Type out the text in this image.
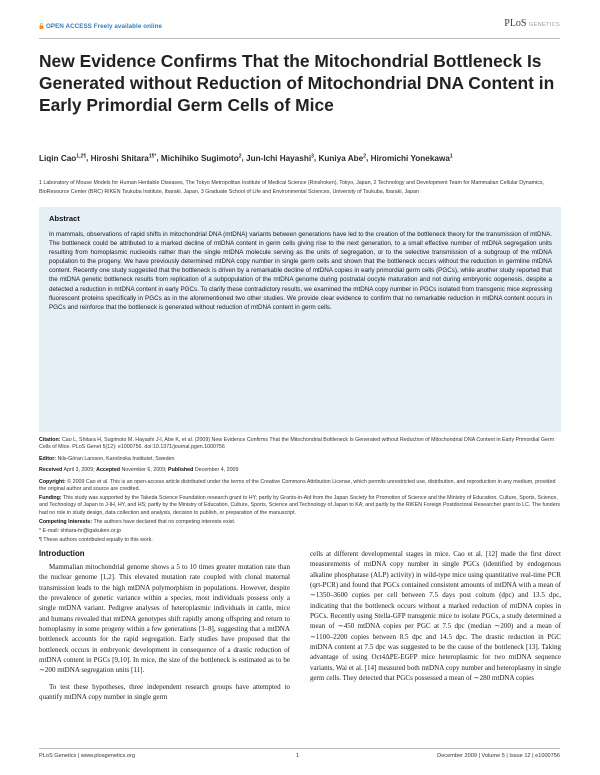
OPEN ACCESS Freely available online	PLoS GENETICS
New Evidence Confirms That the Mitochondrial Bottleneck Is Generated without Reduction of Mitochondrial DNA Content in Early Primordial Germ Cells of Mice
Liqin Cao$^{1,2\P}$, Hiroshi Shitara$^{1\P*}$, Michihiko Sugimoto$^2$, Jun-Ichi Hayashi$^3$, Kuniya Abe$^2$, Hiromichi Yonekawa$^1$
1 Laboratory of Mouse Models for Human Heritable Diseases, The Tokyo Metropolitan Institute of Medical Science (Rinshoken), Tokyo, Japan, 2 Technology and Development Team for Mammalian Cellular Dynamics, BioResource Center (BRC) RIKEN Tsukuba Institute, Ibaraki, Japan, 3 Graduate School of Life and Environmental Sciences, University of Tsukuba, Ibaraki, Japan
Abstract

In mammals, observations of rapid shifts in mitochondrial DNA (mtDNA) variants between generations have led to the creation of the bottleneck theory for the transmission of mtDNA. The bottleneck could be attributed to a marked decline of mtDNA content in germ cells giving rise to the next generation, to a small effective number of mtDNA segregation units resulting from homoplasmic nucleoids rather than the single mtDNA molecule serving as the units of segregation, or to the selective transmission of a subgroup of the mtDNA population to the progeny. We have previously determined mtDNA copy number in single germ cells and shown that the bottleneck occurs without the reduction in germline mtDNA content. Recently one study suggested that the bottleneck is driven by a remarkable decline of mtDNA copies in early primordial germ cells (PGCs), while another study reported that the mtDNA genetic bottleneck results from replication of a subpopulation of the mtDNA genome during postnatal oocyte maturation and not during embryonic oogenesis, despite a detected a reduction in mtDNA content in early PGCs. To clarify these contradictory results, we examined the mtDNA copy number in PGCs isolated from transgenic mice expressing fluorescent proteins specifically in PGCs as in the aforementioned two other studies. We provide clear evidence to confirm that no remarkable reduction in mtDNA content occurs in PGCs and reinforce that the bottleneck is generated without reduction of mtDNA content in germ cells.

Citation: Cao L, Shitara H, Sugimoto M, Hayashi J-I, Abe K, et al. (2009) New Evidence Confirms That the Mitochondrial Bottleneck Is Generated without Reduction of Mitochondrial DNA Content in Early Primordial Germ Cells of Mice. PLoS Genet 5(12): e1000756. doi:10.1371/journal.pgen.1000756
Editor: Nils-Göran Larsson, Karolinska Institutet, Sweden
Received April 3, 2009; Accepted November 6, 2009; Published December 4, 2009
Copyright: © 2009 Cao et al. This is an open-access article distributed under the terms of the Creative Commons Attribution License, which permits unrestricted use, distribution, and reproduction in any medium, provided the original author and source are credited.
Funding: This study was supported by the Takeda Science Foundation research grant to HY; partly by Grants-in-Aid from the Japan Society for Promotion of Science and the Ministry of Education, Culture, Sports, Science, and Technology of Japan to J-IH, HY, and HS; partly by the Ministry of Education, Culture, Sports, Science and Technology of Japan to KA; and partly by the RIKEN Foreign Postdoctoral Researcher grant to LC. The funders had no role in study design, data collection and analysis, decision to publish, or preparation of the manuscript.
Introduction

Mammalian mitochondrial genome shows a 5 to 10 times greater mutation rate than the nuclear genome [1,2]. This elevated mutation rate coupled with clonal maternal transmission leads to the high mtDNA polymorphism in populations. However, despite the prevalence of genetic variance within a species, most individuals possess only a single mtDNA variant. Pedigree analyses of heteroplasmic individuals in cattle, mice and humans revealed that mtDNA genotypes shift rapidly among offspring and return to homoplasmy in some progeny within a few generations [3–8], suggesting that a mtDNA bottleneck accounts for the rapid segregation. Early studies have proposed that the bottleneck occurs in embryonic development in consequence of a drastic reduction of mtDNA content in PGCs [9,10]. In mice, the size of the bottleneck is estimated as to be ∼200 mtDNA segregation units [11].

To test these hypotheses, three independent research groups have attempted to quantify mtDNA copy number in single germ

cells at different developmental stages in mice. Cao et al. [12] made the first direct measurements of mtDNA copy number in single PGCs (identified by endogenous alkaline phosphatase (ALP) activity) in wild-type mice using quantitative real-time PCR (qrt-PCR) and found that PGCs contained consistent amounts of mtDNA with a mean of ∼1350–3600 copies per cell between 7.5 days post coitum (dpc) and 13.5 dpc, indicating that the bottleneck occurs without a marked reduction of mtDNA copies in PGCs. Recently using Stella-GFP transgenic mice to isolate PGCs, a study determined a mean of ∼450 mtDNA copies per PGC at 7.5 dpc (median ∼200) and a mean of ∼1100–2200 copies between 8.5 dpc and 14.5 dpc. The drastic reduction in PGC mtDNA content at 7.5 dpc was suggested to be the cause of the bottleneck [13]. Taking advantage of using Oct4ΔPE-EGFP mice heteroplasmic for two mtDNA sequence variants, Wai et al. [14] measured both mtDNA copy number and heteroplasmy in single germ cells. They detected that PGCs possessed a mean of ∼280 mtDNA copies

PLoS Genetics | www.plosgenetics.org	1	December 2009 | Volume 5 | Issue 12 | e1000756
Competing Interests: The authors have declared that no competing interests exist.
* E-mail: shitara-hr@igakuken.or.jp
¶ These authors contributed equally to this work.
